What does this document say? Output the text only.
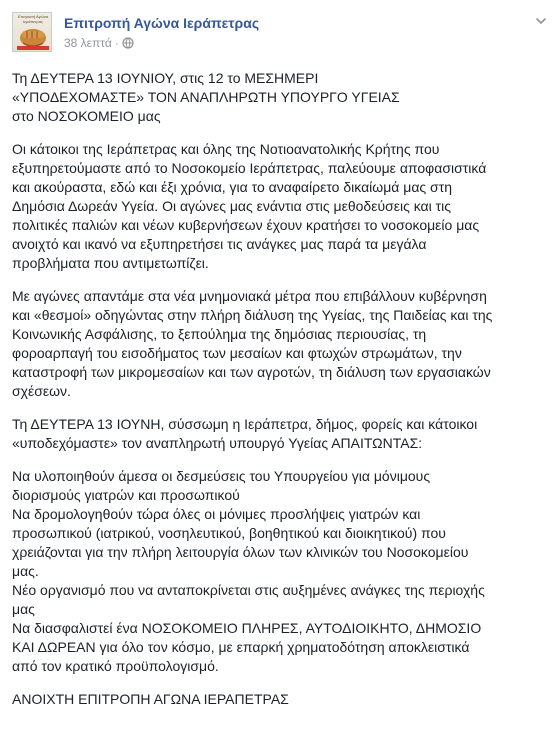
Επιτροπή Αγώνα Ιεράπετρας	Επιτροπή Αγώνα Ιεράπετρας
38 λεπτά ·

Τη ΔΕΥΤΕΡΑ 13 ΙΟΥΝΙΟΥ, στις 12 το ΜΕΣΗΜΕΡΙ
«ΥΠΟΔΕΧΟΜΑΣΤΕ» ΤΟΝ ΑΝΑΠΛΗΡΩΤΗ ΥΠΟΥΡΓΟ ΥΓΕΙΑΣ
στο ΝΟΣΟΚΟΜΕΙΟ μας

Οι κάτοικοι της Ιεράπετρας και όλης της Νοτιοανατολικής Κρήτης που
εξυπηρετούμαστε από το Νοσοκομείο Ιεράπετρας, παλεύουμε αποφασιστικά
και ακούραστα, εδώ και έξι χρόνια, για το αναφαίρετο δικαίωμά μας στη
Δημόσια Δωρεάν Υγεία. Οι αγώνες μας ενάντια στις μεθοδεύσεις και τις
πολιτικές παλιών και νέων κυβερνήσεων έχουν κρατήσει το νοσοκομείο μας
ανοιχτό και ικανό να εξυπηρετήσει τις ανάγκες μας παρά τα μεγάλα
προβλήματα που αντιμετωπίζει.

Με αγώνες απαντάμε στα νέα μνημονιακά μέτρα που επιβάλλουν κυβέρνηση
και «θεσμοί» οδηγώντας στην πλήρη διάλυση της Υγείας, της Παιδείας και της
Κοινωνικής Ασφάλισης, το ξεπούλημα της δημόσιας περιουσίας, τη
φοροαρπαγή του εισοδήματος των μεσαίων και φτωχών στρωμάτων, την
καταστροφή των μικρομεσαίων και των αγροτών, τη διάλυση των εργασιακών
σχέσεων.

Τη ΔΕΥΤΕΡΑ 13 ΙΟΥΝΗ, σύσσωμη η Ιεράπετρα, δήμος, φορείς και κάτοικοι
«υποδεχόμαστε» τον αναπληρωτή υπουργό Υγείας ΑΠΑΙΤΩΝΤΑΣ:

Να υλοποιηθούν άμεσα οι δεσμεύσεις του Υπουργείου για μόνιμους
διορισμούς γιατρών και προσωπικού
Να δρομολογηθούν τώρα όλες οι μόνιμες προσλήψεις γιατρών και
προσωπικού (ιατρικού, νοσηλευτικού, βοηθητικού και διοικητικού) που
χρειάζονται για την πλήρη λειτουργία όλων των κλινικών του Νοσοκομείου
μας.
Νέο οργανισμό που να ανταποκρίνεται στις αυξημένες ανάγκες της περιοχής
μας
Να διασφαλιστεί ένα ΝΟΣΟΚΟΜΕΙΟ ΠΛΗΡΕΣ, ΑΥΤΟΔΙΟΙΚΗΤΟ, ΔΗΜΟΣΙΟ
ΚΑΙ ΔΩΡΕΑΝ για όλο τον κόσμο, με επαρκή χρηματοδότηση αποκλειστικά
από τον κρατικό προϋπολογισμό.

ΑΝΟΙΧΤΗ ΕΠΙΤΡΟΠΗ ΑΓΩΝΑ ΙΕΡΑΠΕΤΡΑΣ
